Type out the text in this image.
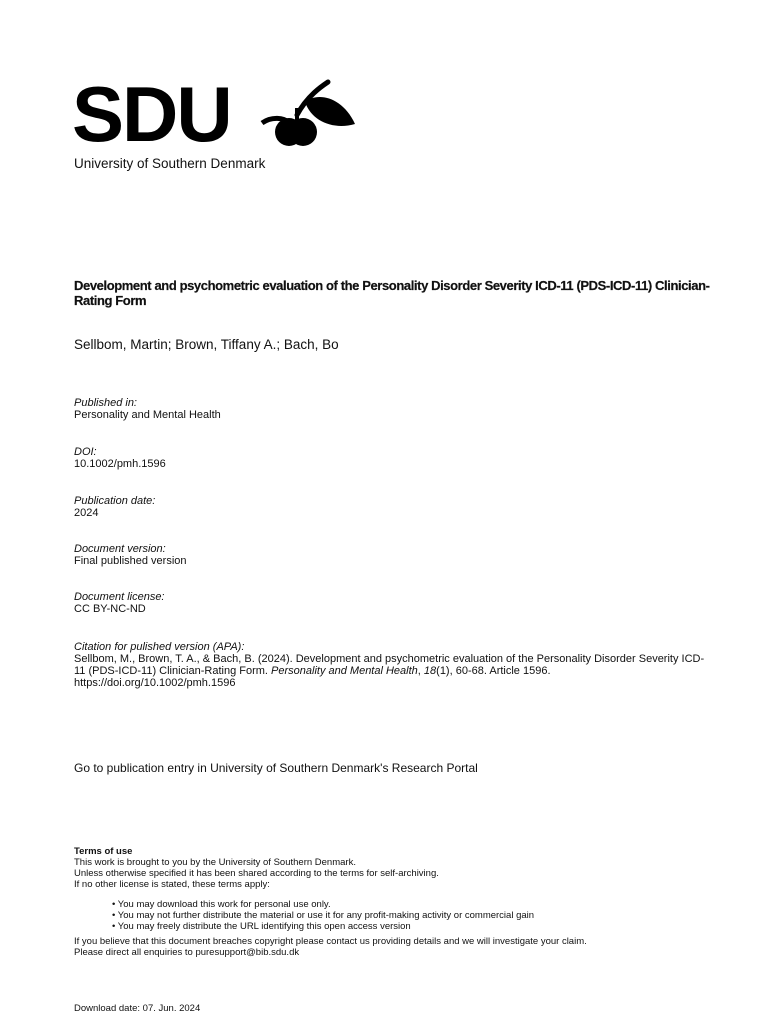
SDU
University of Southern Denmark
Development and psychometric evaluation of the Personality Disorder Severity ICD-11 (PDS-ICD-11) Clinician-Rating Form
Sellbom, Martin; Brown, Tiffany A.; Bach, Bo
Published in:
Personality and Mental Health
DOI:
10.1002/pmh.1596
Publication date:
2024
Document version:
Final published version
Document license:
CC BY-NC-ND
Citation for pulished version (APA):
Sellbom, M., Brown, T. A., & Bach, B. (2024). Development and psychometric evaluation of the Personality Disorder Severity ICD-11 (PDS-ICD-11) Clinician-Rating Form. Personality and Mental Health, 18(1), 60-68. Article 1596. https://doi.org/10.1002/pmh.1596
Go to publication entry in University of Southern Denmark's Research Portal
Terms of use
This work is brought to you by the University of Southern Denmark.
Unless otherwise specified it has been shared according to the terms for self-archiving.
If no other license is stated, these terms apply:
• You may download this work for personal use only.
• You may not further distribute the material or use it for any profit-making activity or commercial gain
• You may freely distribute the URL identifying this open access version
If you believe that this document breaches copyright please contact us providing details and we will investigate your claim.
Please direct all enquiries to puresupport@bib.sdu.dk
Download date: 07. Jun. 2024
